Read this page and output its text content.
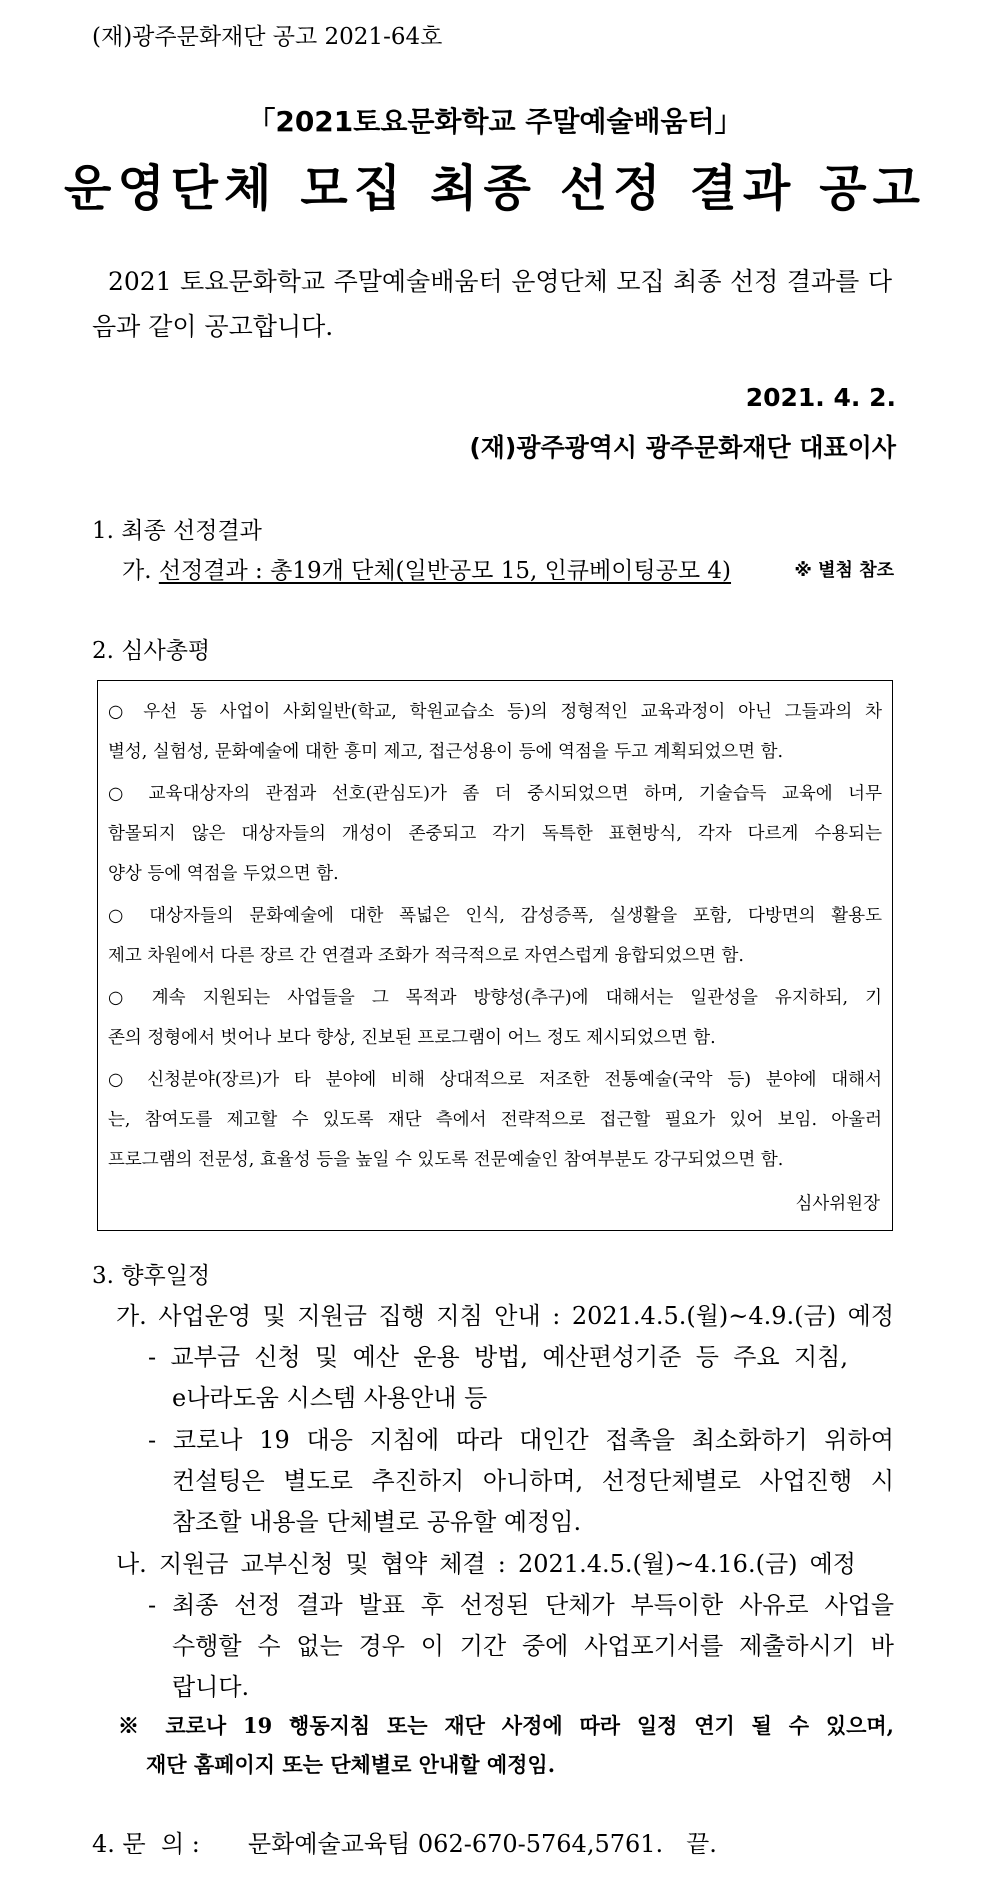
(재)광주문화재단 공고 2021-64호
「2021토요문화학교 주말예술배움터」
운영단체 모집 최종 선정 결과 공고
2021 토요문화학교 주말예술배움터 운영단체 모집 최종 선정 결과를 다
음과 같이 공고합니다.
2021. 4. 2.
(재)광주광역시 광주문화재단 대표이사
1. 최종 선정결과
가. 선정결과 : 총19개 단체(일반공모 15, 인큐베이팅공모 4)	※ 별첨 참조
2. 심사총평
○ 우선 동 사업이 사회일반(학교, 학원교습소 등)의 정형적인 교육과정이 아닌 그들과의 차
별성, 실험성, 문화예술에 대한 흥미 제고, 접근성용이 등에 역점을 두고 계획되었으면 함.
○ 교육대상자의 관점과 선호(관심도)가 좀 더 중시되었으면 하며, 기술습득 교육에 너무
함몰되지 않은 대상자들의 개성이 존중되고 각기 독특한 표현방식, 각자 다르게 수용되는
양상 등에 역점을 두었으면 함.
○ 대상자들의 문화예술에 대한 폭넓은 인식, 감성증폭, 실생활을 포함, 다방면의 활용도
제고 차원에서 다른 장르 간 연결과 조화가 적극적으로 자연스럽게 융합되었으면 함.
○ 계속 지원되는 사업들을 그 목적과 방향성(추구)에 대해서는 일관성을 유지하되, 기
존의 정형에서 벗어나 보다 향상, 진보된 프로그램이 어느 정도 제시되었으면 함.
○ 신청분야(장르)가 타 분야에 비해 상대적으로 저조한 전통예술(국악 등) 분야에 대해서
는, 참여도를 제고할 수 있도록 재단 측에서 전략적으로 접근할 필요가 있어 보임. 아울러
프로그램의 전문성, 효율성 등을 높일 수 있도록 전문예술인 참여부분도 강구되었으면 함.
심사위원장
3. 향후일정
가. 사업운영 및 지원금 집행 지침 안내 : 2021.4.5.(월)~4.9.(금) 예정
- 교부금 신청 및 예산 운용 방법, 예산편성기준 등 주요 지침,
e나라도움 시스템 사용안내 등
- 코로나 19 대응 지침에 따라 대인간 접촉을 최소화하기 위하여
컨설팅은 별도로 추진하지 아니하며, 선정단체별로 사업진행 시
참조할 내용을 단체별로 공유할 예정임.
나. 지원금 교부신청 및 협약 체결 : 2021.4.5.(월)~4.16.(금) 예정
- 최종 선정 결과 발표 후 선정된 단체가 부득이한 사유로 사업을
수행할 수 없는 경우 이 기간 중에 사업포기서를 제출하시기 바
랍니다.
※ 코로나 19 행동지침 또는 재단 사정에 따라 일정 연기 될 수 있으며,
재단 홈페이지 또는 단체별로 안내할 예정임.
4. 문  의 : 문화예술교육팀 062-670-5764,5761.   끝.
